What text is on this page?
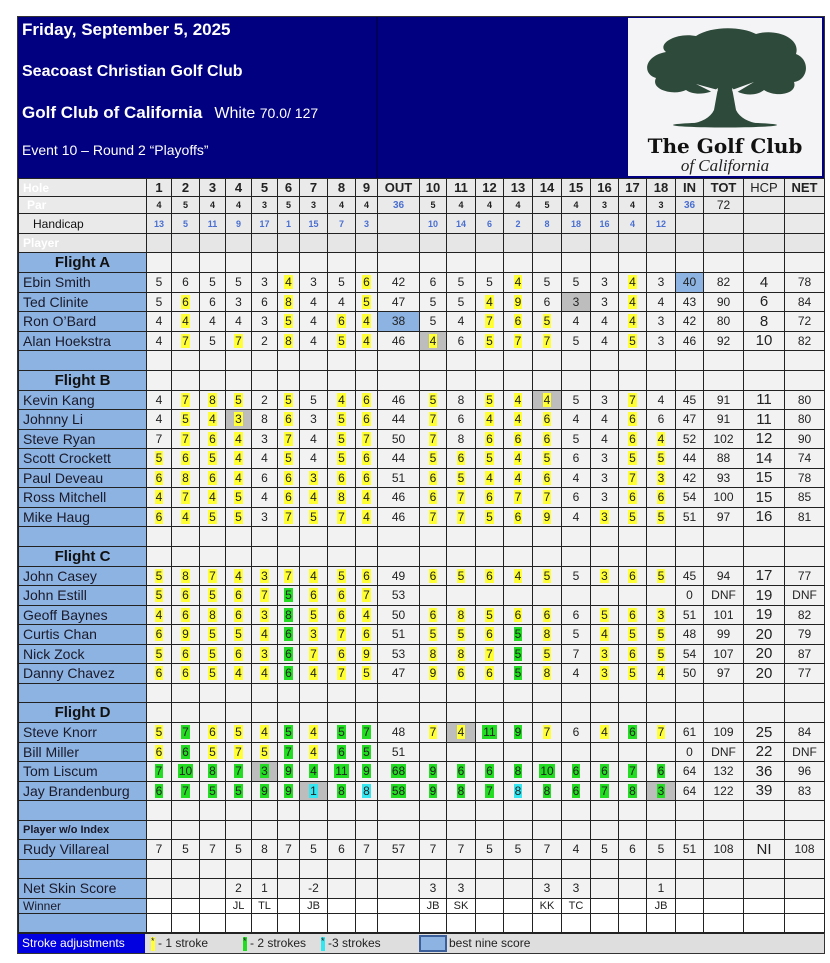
Friday, September 5, 2025
Seacoast Christian Golf Club
Golf Club of California White 70.0/ 127
Event 10 – Round 2 “Playoffs”	The Golf Club
of California
Hole	1	2	3	4	5	6	7	8	9	OUT	10	11	12	13	14	15	16	17	18	IN	TOT	HCP	NET
Par	4	5	4	4	3	5	3	4	4	36	5	4	4	4	5	4	3	4	3	36	72		
Handicap	13	5	11	9	17	1	15	7	3		10	14	6	2	8	18	16	4	12				
Player																							
Flight A																							
Ebin Smith	5	6	5	5	3	4	3	5	6	42	6	5	5	4	5	5	3	4	3	40	82	4	78
Ted Clinite	5	6	6	3	6	8	4	4	5	47	5	5	4	9	6	3	3	4	4	43	90	6	84
Ron O’Bard	4	4	4	4	3	5	4	6	4	38	5	4	7	6	5	4	4	4	3	42	80	8	72
Alan Hoekstra	4	7	5	7	2	8	4	5	4	46	4	6	5	7	7	5	4	5	3	46	92	10	82

Flight B																							
Kevin Kang	4	7	8	5	2	5	5	4	6	46	5	8	5	4	4	5	3	7	4	45	91	11	80
Johnny Li	4	5	4	3	8	6	3	5	6	44	7	6	4	4	6	4	4	6	6	47	91	11	80
Steve Ryan	7	7	6	4	3	7	4	5	7	50	7	8	6	6	6	5	4	6	4	52	102	12	90
Scott Crockett	5	6	5	4	4	5	4	5	6	44	5	6	5	4	5	6	3	5	5	44	88	14	74
Paul Deveau	6	8	6	4	6	6	3	6	6	51	6	5	4	4	6	4	3	7	3	42	93	15	78
Ross Mitchell	4	7	4	5	4	6	4	8	4	46	6	7	6	7	7	6	3	6	6	54	100	15	85
Mike Haug	6	4	5	5	3	7	5	7	4	46	7	7	5	6	9	4	3	5	5	51	97	16	81

Flight C																							
John Casey	5	8	7	4	3	7	4	5	6	49	6	5	6	4	5	5	3	6	5	45	94	17	77
John Estill	5	6	5	6	7	5	6	6	7	53										0	DNF	19	DNF
Geoff Baynes	4	6	8	6	3	8	5	6	4	50	6	8	5	6	6	6	5	6	3	51	101	19	82
Curtis Chan	6	9	5	5	4	6	3	7	6	51	5	5	6	5	8	5	4	5	5	48	99	20	79
Nick Zock	5	6	5	6	3	6	7	6	9	53	8	8	7	5	5	7	3	6	5	54	107	20	87
Danny Chavez	6	6	5	4	4	6	4	7	5	47	9	6	6	5	8	4	3	5	4	50	97	20	77

Flight D																							
Steve Knorr	5	7	6	5	4	5	4	5	7	48	7	4	11	9	7	6	4	6	7	61	109	25	84
Bill Miller	6	6	5	7	5	7	4	6	5	51										0	DNF	22	DNF
Tom Liscum	7	10	8	7	3	9	4	11	9	68	9	6	6	8	10	6	6	7	6	64	132	36	96
Jay Brandenburg	6	7	5	5	9	9	1	8	8	58	9	8	7	8	8	6	7	8	3	64	122	39	83

Player w/o Index																							
Rudy Villareal	7	5	7	5	8	7	5	6	7	57	7	7	5	5	7	4	5	6	5	51	108	NI	108

Net Skin Score				2	1		-2				3	3			3	3			1				
Winner				JL	TL		JB				JB	SK			KK	TC			JB				

Stroke adjustments	* - 1 stroke	* - 2 strokes * -3 strokes	best nine score
